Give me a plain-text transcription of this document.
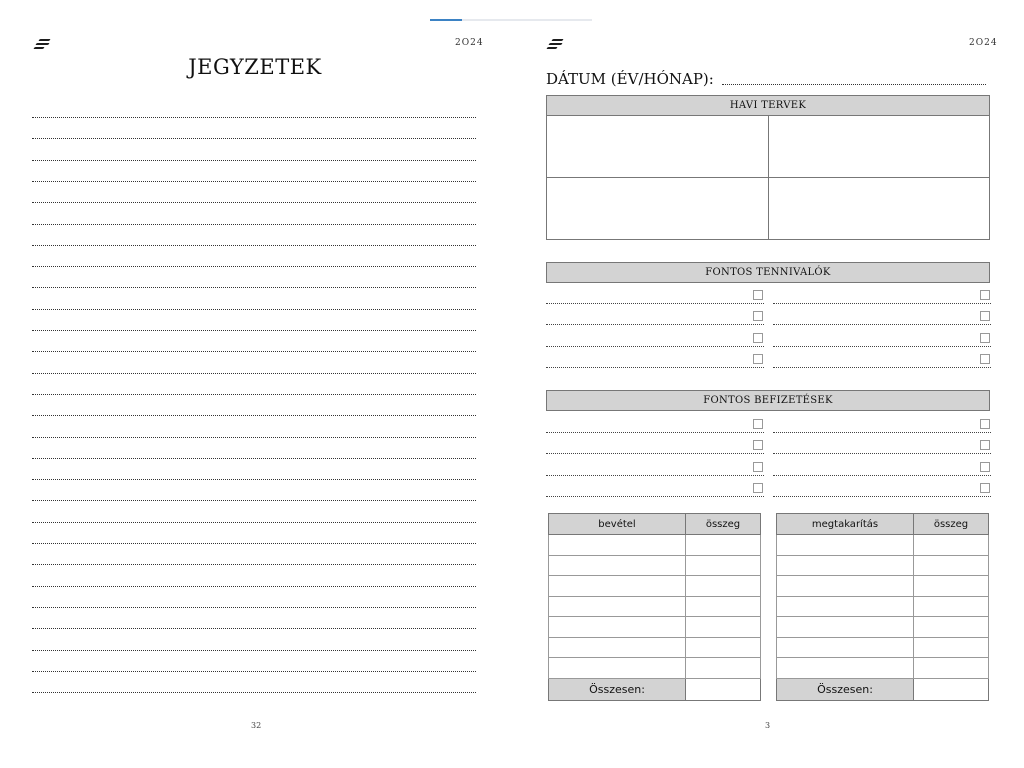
2O24
JEGYZETEK
32
2O24
DÁTUM (ÉV/HÓNAP):
HAVI TERVEK
FONTOS TENNIVALÓK
FONTOS BEFIZETÉSEK
bevétel	összeg

Összesen:	
megtakarítás	összeg

Összesen:	
3
